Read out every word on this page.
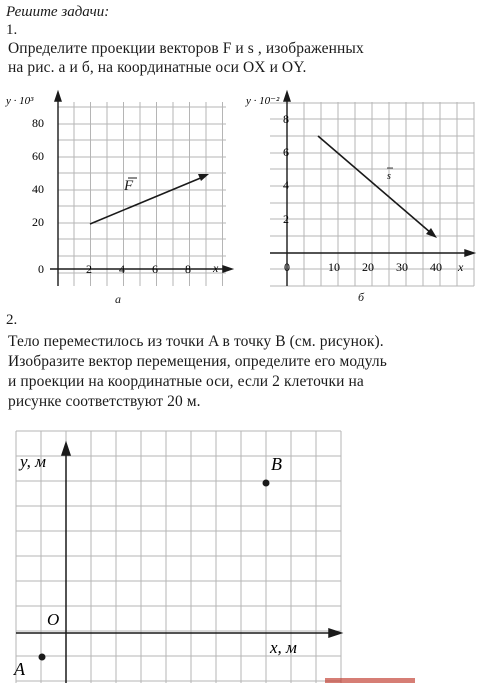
Решите задачи:
1.
Определите проекции векторов F и s , изображенных
на рис. а и б, на координатные оси OX и OY.
F
y · 10³
x
0
80
60
40
20
2 4 6 8
а
s
y · 10⁻²
x
0
8
6
4
2
10 20 30 40
б
2.
Тело переместилось из точки A в точку B (см. рисунок).
Изобразите вектор перемещения, определите его модуль
и проекции на координатные оси, если 2 клеточки на
рисунке соответствуют 20 м.
y, м
x, м
O
B
A
